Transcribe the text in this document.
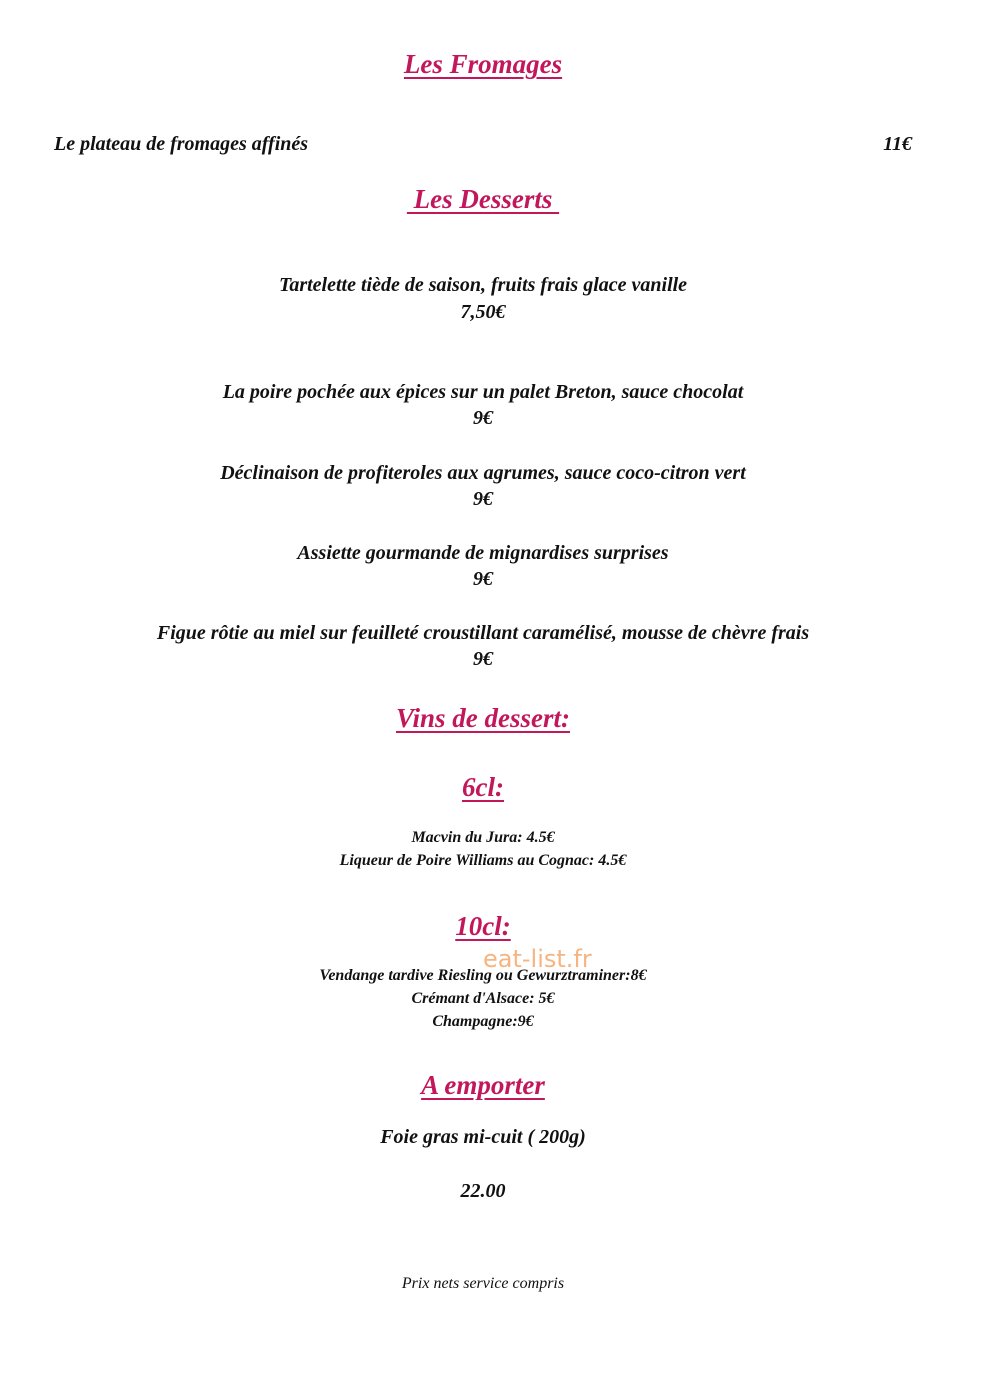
Les Fromages
Le plateau de fromages affinés	11€
Les Desserts
Tartelette tiède de saison, fruits frais glace vanille
7,50€
La poire pochée aux épices sur un palet Breton, sauce chocolat
9€
Déclinaison de profiteroles aux agrumes, sauce coco-citron vert
9€
Assiette gourmande de mignardises surprises
9€
Figue rôtie au miel sur feuilleté croustillant caramélisé, mousse de chèvre frais
9€
Vins de dessert:
6cl:
Macvin du Jura: 4.5€
Liqueur de Poire Williams au Cognac: 4.5€
10cl:
Vendange tardive Riesling ou Gewurztraminer:8€
Crémant d'Alsace: 5€
Champagne:9€
eat-list.fr
A emporter
Foie gras mi-cuit ( 200g)
22.00
Prix nets service compris
